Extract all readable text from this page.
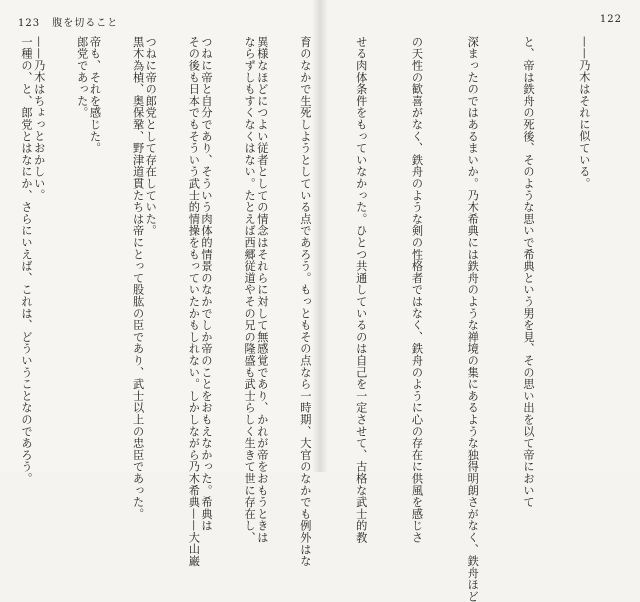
123 腹を切ること

異様なほどにつよい従者としての情念はそれらに対して無感覚であり、かれが帝をおもうときは

つねに帝と自分であり、そういう肉体的情景のなかでしか帝のことをおもえなかった。希典は

つねに帝の郎党として存在していた。

帝も、それを感じた。

——乃木はちょっとおかしい。

122

——乃木はそれに似ている。

と、帝は鉄舟の死後、そのような思いで希典という男を見、その思い出を以て帝において

深まったのではあるまいか。乃木希典には鉄舟のような禅境の集にあるような独得明朗さがなく、鉄舟ほど

の天性の歓喜がなく、鉄舟のような剣の性格者ではなく、鉄舟のように心の存在に供風を感じさ

せる肉体条件をもっていなかった。ひとつ共通しているのは自己を一定させて、古格な武士的教

育のなかで生死しようとしている点であろう。もっともその点なら一時期、大官のなかでも例外はな

ならずしもすくなくはない。たとえば西郷従道やその兄の隆盛も武士らしく生きて世に存在し、

その後も日本でもそういう武士的情操をもっていたかもしれない。しかしながら乃木希典——大山巌

黒木為楨、奥保鞏、野津道貫たちは帝にとって股肱の臣であり、武士以上の忠臣であった。

郎党であった。

一種の、と、郎党とはなにか、さらにいえば、これは、どういうことなのであろう。
